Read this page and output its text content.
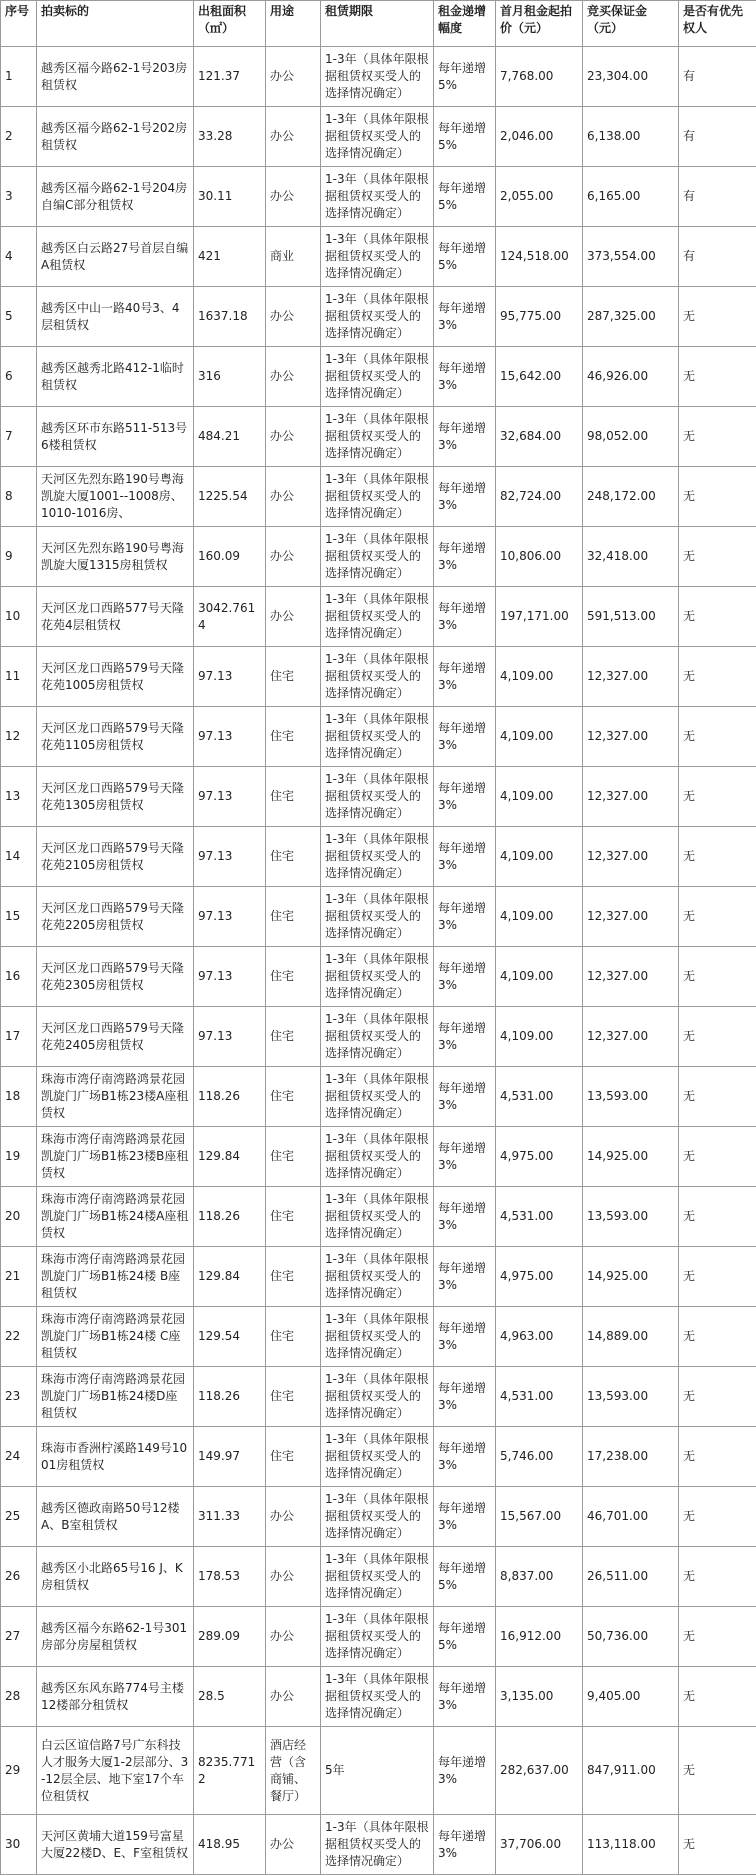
序号	拍卖标的	出租面积（㎡）	用途	租赁期限	租金递增幅度	首月租金起拍价（元）	竞买保证金（元）	是否有优先权人
1	越秀区福今路62-1号203房租赁权	121.37	办公	1-3年（具体年限根据租赁权买受人的选择情况确定）	每年递增5%	7,768.00	23,304.00	有
2	越秀区福今路62-1号202房租赁权	33.28	办公	1-3年（具体年限根据租赁权买受人的选择情况确定）	每年递增5%	2,046.00	6,138.00	有
3	越秀区福今路62-1号204房自编C部分租赁权	30.11	办公	1-3年（具体年限根据租赁权买受人的选择情况确定）	每年递增5%	2,055.00	6,165.00	有
4	越秀区白云路27号首层自编A租赁权	421	商业	1-3年（具体年限根据租赁权买受人的选择情况确定）	每年递增5%	124,518.00	373,554.00	有
5	越秀区中山一路40号3、4层租赁权	1637.18	办公	1-3年（具体年限根据租赁权买受人的选择情况确定）	每年递增3%	95,775.00	287,325.00	无
6	越秀区越秀北路412-1临时租赁权	316	办公	1-3年（具体年限根据租赁权买受人的选择情况确定）	每年递增3%	15,642.00	46,926.00	无
7	越秀区环市东路511-513号6楼租赁权	484.21	办公	1-3年（具体年限根据租赁权买受人的选择情况确定）	每年递增3%	32,684.00	98,052.00	无
8	天河区先烈东路190号粤海凯旋大厦1001--1008房、1010-1016房、	1225.54	办公	1-3年（具体年限根据租赁权买受人的选择情况确定）	每年递增3%	82,724.00	248,172.00	无
9	天河区先烈东路190号粤海凯旋大厦1315房租赁权	160.09	办公	1-3年（具体年限根据租赁权买受人的选择情况确定）	每年递增3%	10,806.00	32,418.00	无
10	天河区龙口西路577号天隆花苑4层租赁权	3042.7614	办公	1-3年（具体年限根据租赁权买受人的选择情况确定）	每年递增3%	197,171.00	591,513.00	无
11	天河区龙口西路579号天隆花苑1005房租赁权	97.13	住宅	1-3年（具体年限根据租赁权买受人的选择情况确定）	每年递增3%	4,109.00	12,327.00	无
12	天河区龙口西路579号天隆花苑1105房租赁权	97.13	住宅	1-3年（具体年限根据租赁权买受人的选择情况确定）	每年递增3%	4,109.00	12,327.00	无
13	天河区龙口西路579号天隆花苑1305房租赁权	97.13	住宅	1-3年（具体年限根据租赁权买受人的选择情况确定）	每年递增3%	4,109.00	12,327.00	无
14	天河区龙口西路579号天隆花苑2105房租赁权	97.13	住宅	1-3年（具体年限根据租赁权买受人的选择情况确定）	每年递增3%	4,109.00	12,327.00	无
15	天河区龙口西路579号天隆花苑2205房租赁权	97.13	住宅	1-3年（具体年限根据租赁权买受人的选择情况确定）	每年递增3%	4,109.00	12,327.00	无
16	天河区龙口西路579号天隆花苑2305房租赁权	97.13	住宅	1-3年（具体年限根据租赁权买受人的选择情况确定）	每年递增3%	4,109.00	12,327.00	无
17	天河区龙口西路579号天隆花苑2405房租赁权	97.13	住宅	1-3年（具体年限根据租赁权买受人的选择情况确定）	每年递增3%	4,109.00	12,327.00	无
18	珠海市湾仔南湾路鸿景花园凯旋门广场B1栋23楼A座租赁权	118.26	住宅	1-3年（具体年限根据租赁权买受人的选择情况确定）	每年递增3%	4,531.00	13,593.00	无
19	珠海市湾仔南湾路鸿景花园凯旋门广场B1栋23楼B座租赁权	129.84	住宅	1-3年（具体年限根据租赁权买受人的选择情况确定）	每年递增3%	4,975.00	14,925.00	无
20	珠海市湾仔南湾路鸿景花园凯旋门广场B1栋24楼A座租赁权	118.26	住宅	1-3年（具体年限根据租赁权买受人的选择情况确定）	每年递增3%	4,531.00	13,593.00	无
21	珠海市湾仔南湾路鸿景花园凯旋门广场B1栋24楼 B座租赁权	129.84	住宅	1-3年（具体年限根据租赁权买受人的选择情况确定）	每年递增3%	4,975.00	14,925.00	无
22	珠海市湾仔南湾路鸿景花园凯旋门广场B1栋24楼 C座租赁权	129.54	住宅	1-3年（具体年限根据租赁权买受人的选择情况确定）	每年递增3%	4,963.00	14,889.00	无
23	珠海市湾仔南湾路鸿景花园凯旋门广场B1栋24楼D座租赁权	118.26	住宅	1-3年（具体年限根据租赁权买受人的选择情况确定）	每年递增3%	4,531.00	13,593.00	无
24	珠海市香洲柠溪路149号1001房租赁权	149.97	住宅	1-3年（具体年限根据租赁权买受人的选择情况确定）	每年递增3%	5,746.00	17,238.00	无
25	越秀区德政南路50号12楼A、B室租赁权	311.33	办公	1-3年（具体年限根据租赁权买受人的选择情况确定）	每年递增3%	15,567.00	46,701.00	无
26	越秀区小北路65号16 J、K房租赁权	178.53	办公	1-3年（具体年限根据租赁权买受人的选择情况确定）	每年递增5%	8,837.00	26,511.00	无
27	越秀区福今东路62-1号301房部分房屋租赁权	289.09	办公	1-3年（具体年限根据租赁权买受人的选择情况确定）	每年递增5%	16,912.00	50,736.00	无
28	越秀区东风东路774号主楼12楼部分租赁权	28.5	办公	1-3年（具体年限根据租赁权买受人的选择情况确定）	每年递增3%	3,135.00	9,405.00	无
29	白云区谊信路7号广东科技人才服务大厦1-2层部分、3-12层全层、地下室17个车位租赁权	8235.7712	酒店经营（含商铺、餐厅）	5年	每年递增3%	282,637.00	847,911.00	无
30	天河区黄埔大道159号富星大厦22楼D、E、F室租赁权	418.95	办公	1-3年（具体年限根据租赁权买受人的选择情况确定）	每年递增3%	37,706.00	113,118.00	无
